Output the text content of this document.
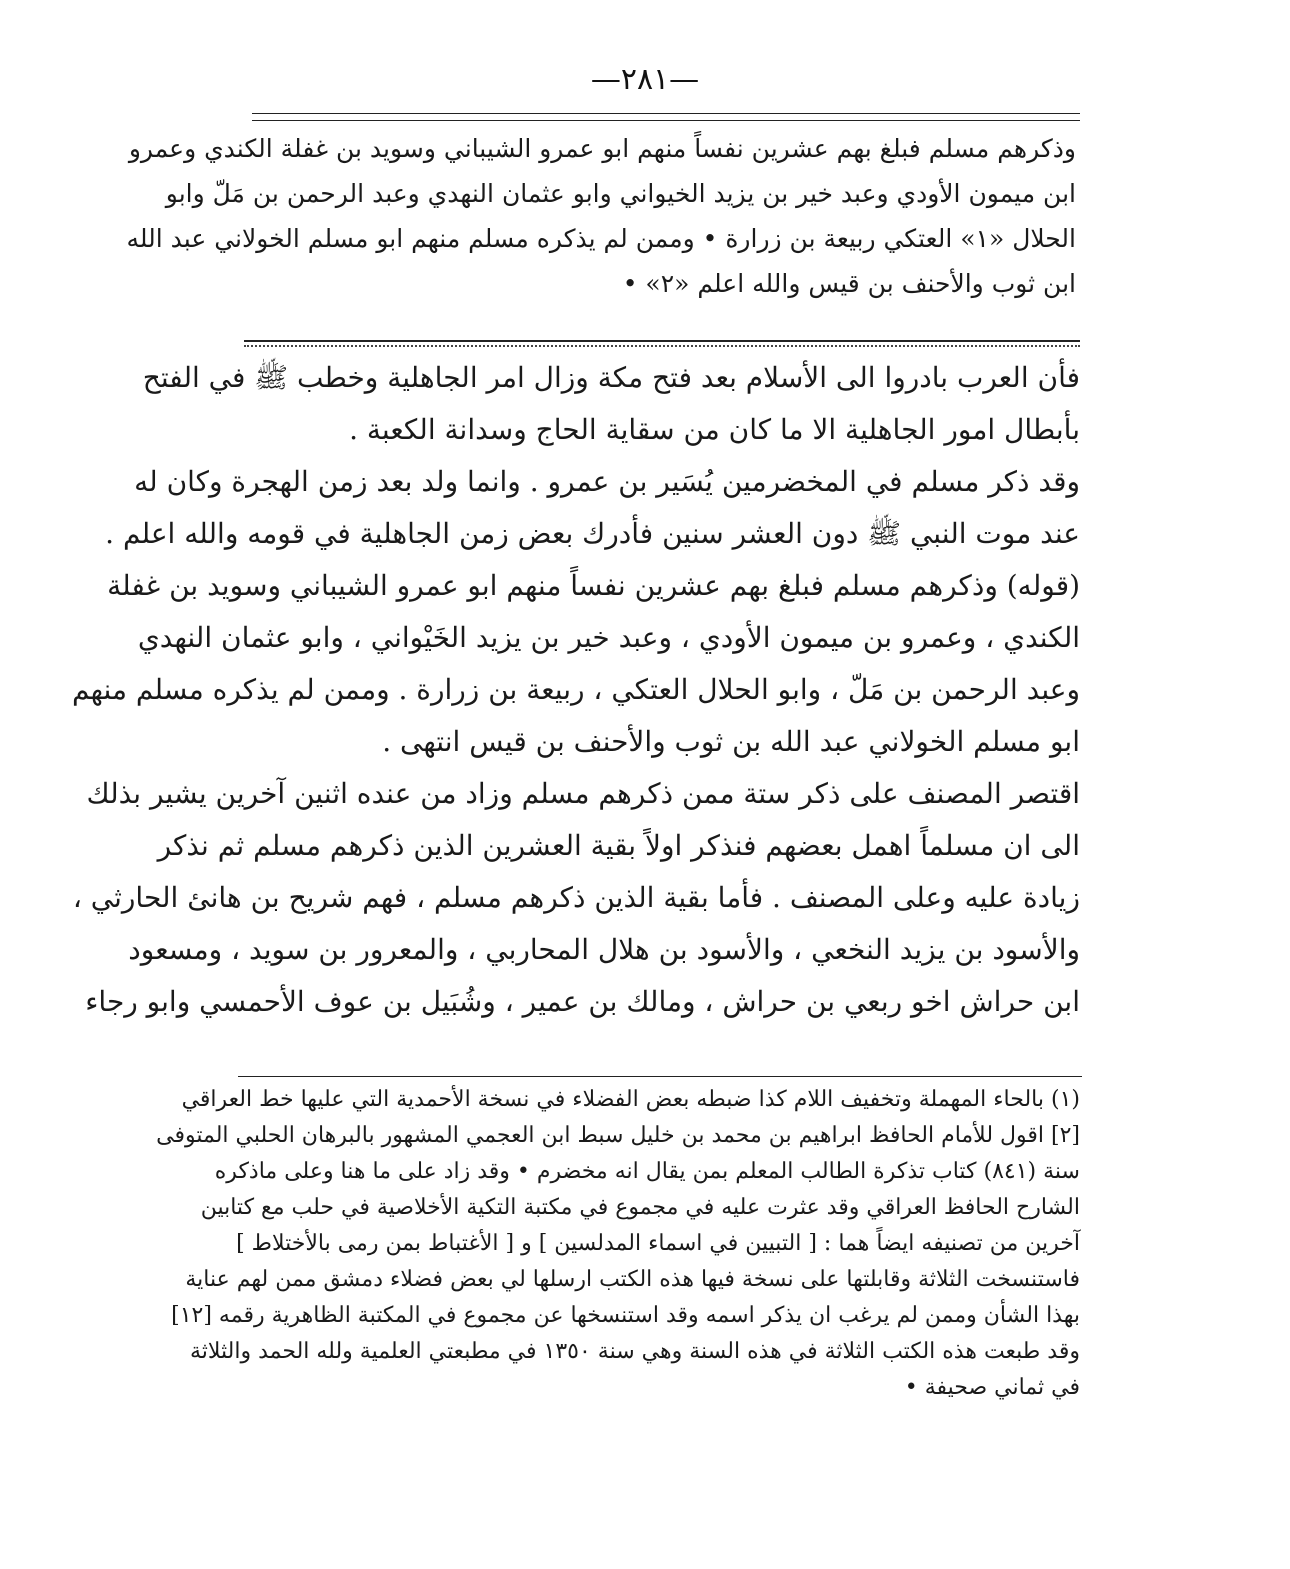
—٢٨١—
وذكرهم مسلم فبلغ بهم عشرين نفساً منهم ابو عمرو الشيباني وسويد بن غفلة الكندي وعمرو
ابن ميمون الأودي وعبد خير بن يزيد الخيواني وابو عثمان النهدي وعبد الرحمن بن مَلّ وابو
الحلال «١» العتكي ربيعة بن زرارة • وممن لم يذكره مسلم منهم ابو مسلم الخولاني عبد الله
ابن ثوب والأحنف بن قيس والله اعلم «٢» •
فأن العرب بادروا الى الأسلام بعد فتح مكة وزال امر الجاهلية وخطب ﷺ في الفتح
بأبطال امور الجاهلية الا ما كان من سقاية الحاج وسدانة الكعبة .
وقد ذكر مسلم في المخضرمين يُسَير بن عمرو . وانما ولد بعد زمن الهجرة وكان له
عند موت النبي ﷺ دون العشر سنين فأدرك بعض زمن الجاهلية في قومه والله اعلم .
(قوله) وذكرهم مسلم فبلغ بهم عشرين نفساً منهم ابو عمرو الشيباني وسويد بن غفلة
الكندي ، وعمرو بن ميمون الأودي ، وعبد خير بن يزيد الخَيْواني ، وابو عثمان النهدي
وعبد الرحمن بن مَلّ ، وابو الحلال العتكي ، ربيعة بن زرارة . وممن لم يذكره مسلم منهم
ابو مسلم الخولاني عبد الله بن ثوب والأحنف بن قيس انتهى .
اقتصر المصنف على ذكر ستة ممن ذكرهم مسلم وزاد من عنده اثنين آخرين يشير بذلك
الى ان مسلماً اهمل بعضهم فنذكر اولاً بقية العشرين الذين ذكرهم مسلم ثم نذكر
زيادة عليه وعلى المصنف . فأما بقية الذين ذكرهم مسلم ، فهم شريح بن هانئ الحارثي ،
والأسود بن يزيد النخعي ، والأسود بن هلال المحاربي ، والمعرور بن سويد ، ومسعود
ابن حراش اخو ربعي بن حراش ، ومالك بن عمير ، وشُبَيل بن عوف الأحمسي وابو رجاء
(١) بالحاء المهملة وتخفيف اللام كذا ضبطه بعض الفضلاء في نسخة الأحمدية التي عليها خط العراقي
[٢] اقول للأمام الحافظ ابراهيم بن محمد بن خليل سبط ابن العجمي المشهور بالبرهان الحلبي المتوفى
سنة (٨٤١) كتاب تذكرة الطالب المعلم بمن يقال انه مخضرم • وقد زاد على ما هنا وعلى ماذكره
الشارح الحافظ العراقي وقد عثرت عليه في مجموع في مكتبة التكية الأخلاصية في حلب مع كتابين
آخرين من تصنيفه ايضاً هما : [ التبيين في اسماء المدلسين ] و [ الأغتباط بمن رمى بالأختلاط ]
فاستنسخت الثلاثة وقابلتها على نسخة فيها هذه الكتب ارسلها لي بعض فضلاء دمشق ممن لهم عناية
بهذا الشأن وممن لم يرغب ان يذكر اسمه وقد استنسخها عن مجموع في المكتبة الظاهرية رقمه [١٢]
وقد طبعت هذه الكتب الثلاثة في هذه السنة وهي سنة ١٣٥٠ في مطبعتي العلمية ولله الحمد والثلاثة
في ثماني صحيفة •
